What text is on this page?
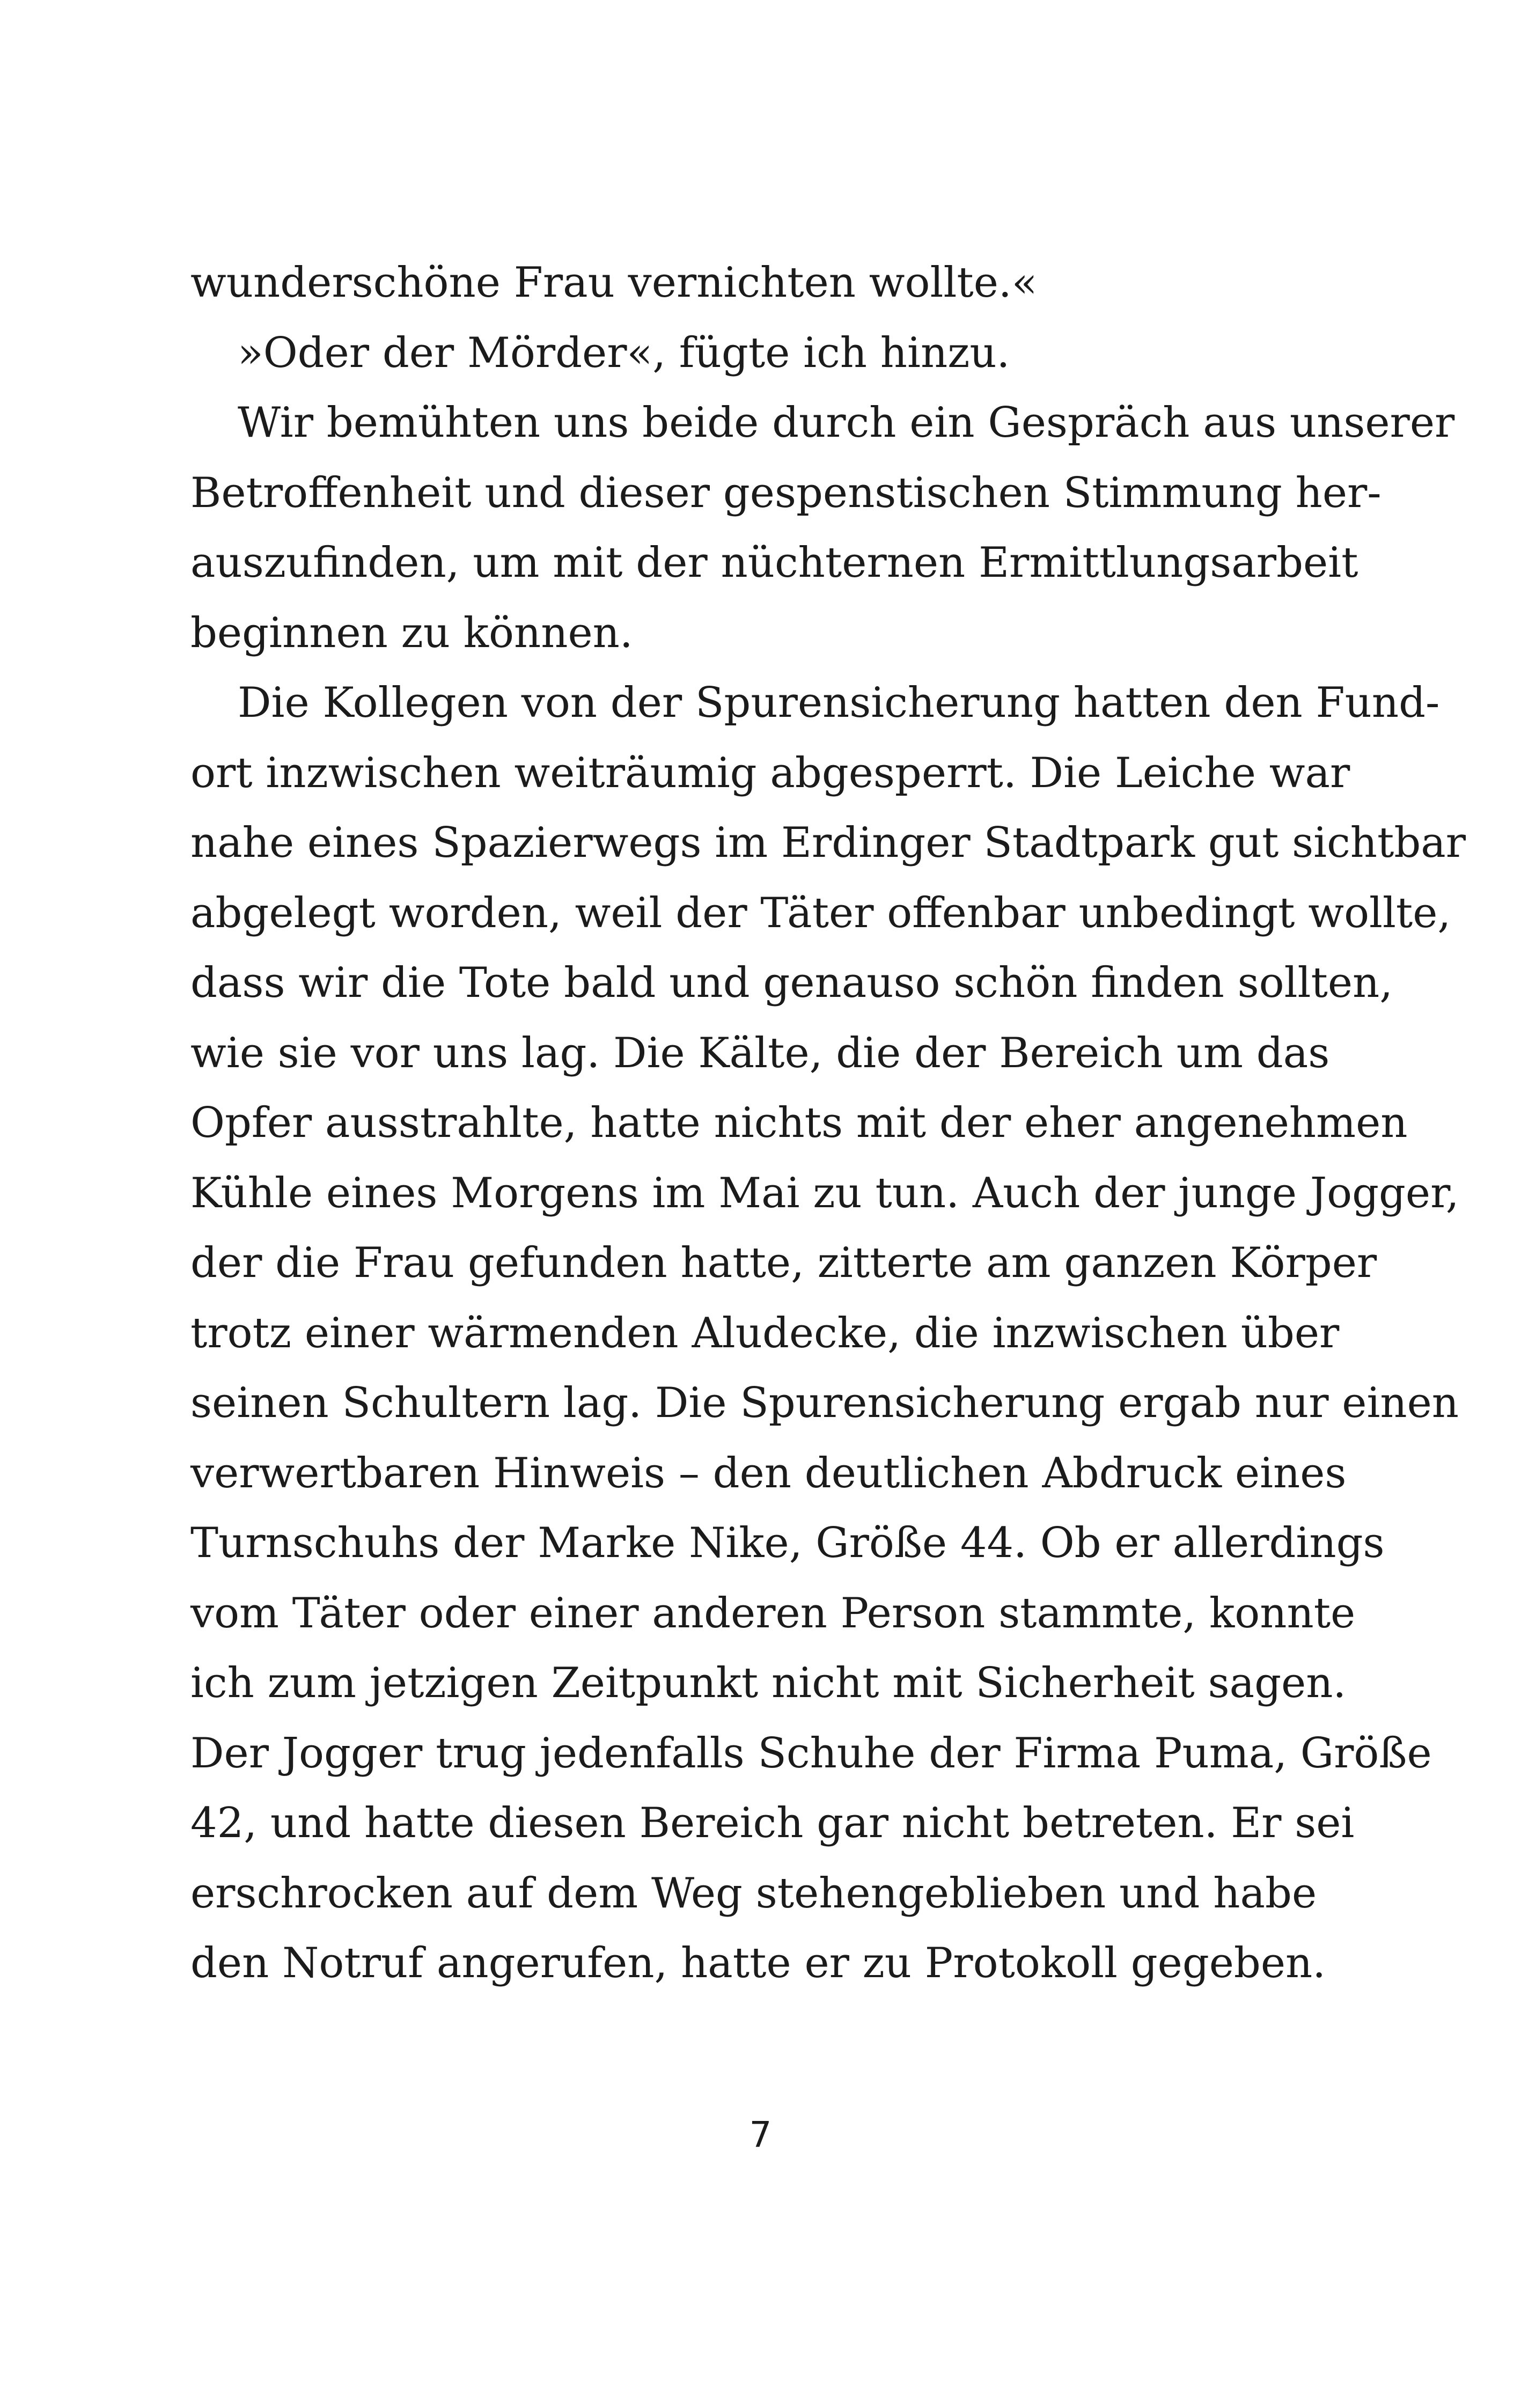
wunderschöne Frau vernichten wollte.«
»Oder der Mörder«, fügte ich hinzu.
Wir bemühten uns beide durch ein Gespräch aus unserer
Betroffenheit und dieser gespenstischen Stimmung her-
auszufinden, um mit der nüchternen Ermittlungsarbeit
beginnen zu können.
Die Kollegen von der Spurensicherung hatten den Fund-
ort inzwischen weiträumig abgesperrt. Die Leiche war
nahe eines Spazierwegs im Erdinger Stadtpark gut sichtbar
abgelegt worden, weil der Täter offenbar unbedingt wollte,
dass wir die Tote bald und genauso schön finden sollten,
wie sie vor uns lag. Die Kälte, die der Bereich um das
Opfer ausstrahlte, hatte nichts mit der eher angenehmen
Kühle eines Morgens im Mai zu tun. Auch der junge Jogger,
der die Frau gefunden hatte, zitterte am ganzen Körper
trotz einer wärmenden Aludecke, die inzwischen über
seinen Schultern lag. Die Spurensicherung ergab nur einen
verwertbaren Hinweis – den deutlichen Abdruck eines
Turnschuhs der Marke Nike, Größe 44. Ob er allerdings
vom Täter oder einer anderen Person stammte, konnte
ich zum jetzigen Zeitpunkt nicht mit Sicherheit sagen.
Der Jogger trug jedenfalls Schuhe der Firma Puma, Größe
42, und hatte diesen Bereich gar nicht betreten. Er sei
erschrocken auf dem Weg stehengeblieben und habe
den Notruf angerufen, hatte er zu Protokoll gegeben.
7
